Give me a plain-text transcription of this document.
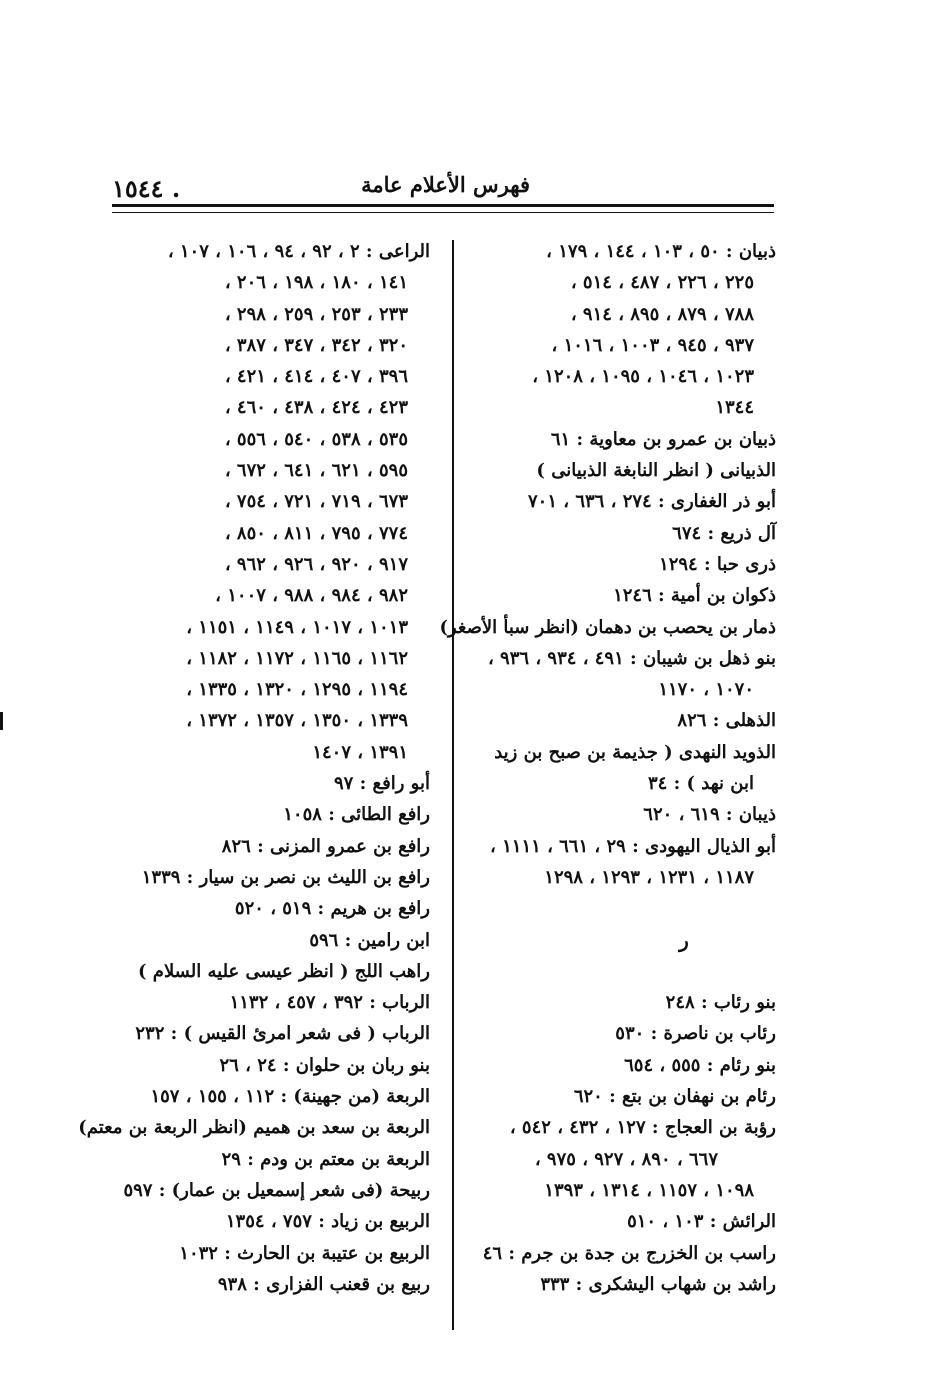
١٥٤٤ .	فهرس الأعلام عامة
ذبيان : ٥٠ ، ١٠٣ ، ١٤٤ ، ١٧٩ ،
٢٢٥ ، ٢٢٦ ، ٤٨٧ ، ٥١٤ ،
٧٨٨ ، ٨٧٩ ، ٨٩٥ ، ٩١٤ ،
٩٣٧ ، ٩٤٥ ، ١٠٠٣ ، ١٠١٦ ،
١٠٢٣ ، ١٠٤٦ ، ١٠٩٥ ، ١٢٠٨ ،
١٣٤٤
ذبيان بن عمرو بن معاوية : ٦١
الذبيانى ( انظر النابغة الذبيانى )
أبو ذر الغفارى : ٢٧٤ ، ٦٣٦ ، ٧٠١
آل ذريع : ٦٧٤
ذرى حبا : ١٢٩٤
ذكوان بن أمية : ١٢٤٦
ذمار بن يحصب بن دهمان (انظر سبأ الأصغر)
بنو ذهل بن شيبان : ٤٩١ ، ٩٣٤ ، ٩٣٦ ،
١٠٧٠ ، ١١٧٠
الذهلى : ٨٢٦
الذويد النهدى ( جذيمة بن صبح بن زيد
ابن نهد ) : ٣٤
ذيبان : ٦١٩ ، ٦٢٠
أبو الذيال اليهودى : ٢٩ ، ٦٦١ ، ١١١١ ،
١١٨٧ ، ١٢٣١ ، ١٢٩٣ ، ١٢٩٨
ر
بنو رئاب : ٢٤٨
رئاب بن ناصرة : ٥٣٠
بنو رئام : ٥٥٥ ، ٦٥٤
رئام بن نهفان بن بتع : ٦٢٠
رؤبة بن العجاج : ١٢٧ ، ٤٣٢ ، ٥٤٢ ،
٦٦٧ ، ٨٩٠ ، ٩٢٧ ، ٩٧٥ ،
١٠٩٨ ، ١١٥٧ ، ١٣١٤ ، ١٣٩٣
الرائش : ١٠٣ ، ٥١٠
راسب بن الخزرج بن جدة بن جرم : ٤٦
راشد بن شهاب اليشكرى : ٣٣٣
الراعى : ٢ ، ٩٢ ، ٩٤ ، ١٠٦ ، ١٠٧ ،
١٤١ ، ١٨٠ ، ١٩٨ ، ٢٠٦ ،
٢٣٣ ، ٢٥٣ ، ٢٥٩ ، ٢٩٨ ،
٣٢٠ ، ٣٤٢ ، ٣٤٧ ، ٣٨٧ ،
٣٩٦ ، ٤٠٧ ، ٤١٤ ، ٤٢١ ،
٤٢٣ ، ٤٢٤ ، ٤٣٨ ، ٤٦٠ ،
٥٣٥ ، ٥٣٨ ، ٥٤٠ ، ٥٥٦ ،
٥٩٥ ، ٦٢١ ، ٦٤١ ، ٦٧٢ ،
٦٧٣ ، ٧١٩ ، ٧٢١ ، ٧٥٤ ،
٧٧٤ ، ٧٩٥ ، ٨١١ ، ٨٥٠ ،
٩١٧ ، ٩٢٠ ، ٩٢٦ ، ٩٦٢ ،
٩٨٢ ، ٩٨٤ ، ٩٨٨ ، ١٠٠٧ ،
١٠١٣ ، ١٠١٧ ، ١١٤٩ ، ١١٥١ ،
١١٦٢ ، ١١٦٥ ، ١١٧٢ ، ١١٨٢ ،
١١٩٤ ، ١٢٩٥ ، ١٣٢٠ ، ١٣٣٥ ،
١٣٣٩ ، ١٣٥٠ ، ١٣٥٧ ، ١٣٧٢ ،
١٣٩١ ، ١٤٠٧
أبو رافع : ٩٧
رافع الطائى : ١٠٥٨
رافع بن عمرو المزنى : ٨٢٦
رافع بن الليث بن نصر بن سيار : ١٣٣٩
رافع بن هريم : ٥١٩ ، ٥٢٠
ابن رامين : ٥٩٦
راهب اللج ( انظر عيسى عليه السلام )
الرباب : ٣٩٢ ، ٤٥٧ ، ١١٣٢
الرباب ( فى شعر امرئ القيس ) : ٢٣٢
بنو ربان بن حلوان : ٢٤ ، ٢٦
الربعة (من جهينة) : ١١٢ ، ١٥٥ ، ١٥٧
الربعة بن سعد بن هميم (انظر الربعة بن معتم)
الربعة بن معتم بن ودم : ٢٩
ربيحة (فى شعر إسمعيل بن عمار) : ٥٩٧
الربيع بن زياد : ٧٥٧ ، ١٣٥٤
الربيع بن عتيبة بن الحارث : ١٠٣٢
ربيع بن قعنب الفزارى : ٩٣٨
